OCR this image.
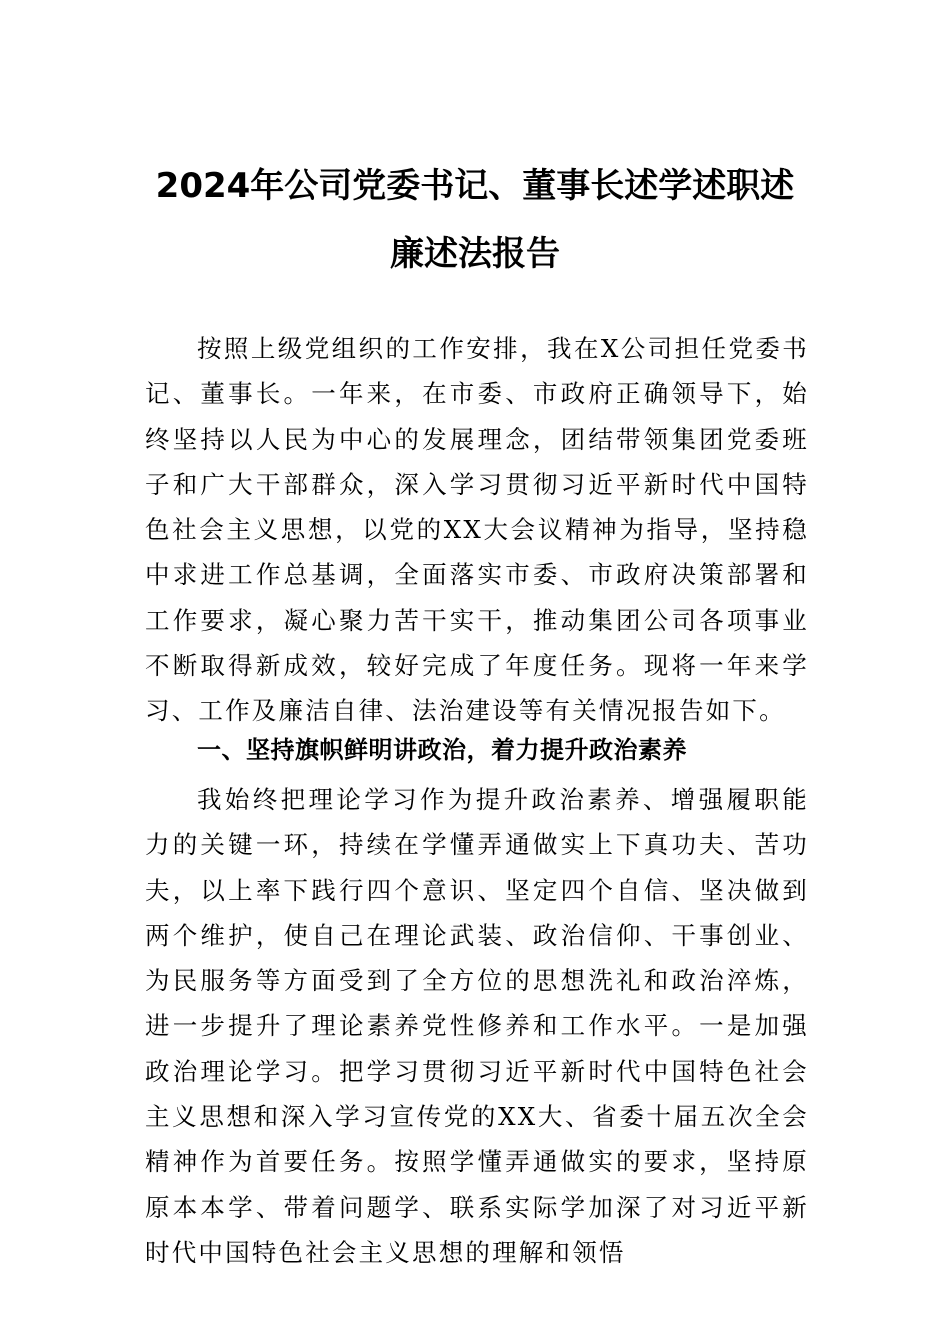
2024年公司党委书记、董事长述学述职述
廉述法报告

按照上级党组织的工作安排，我在X公司担任党委书记、董事长。一年来，在市委、市政府正确领导下，始终坚持以人民为中心的发展理念，团结带领集团党委班子和广大干部群众，深入学习贯彻习近平新时代中国特色社会主义思想，以党的XX大会议精神为指导，坚持稳中求进工作总基调，全面落实市委、市政府决策部署和工作要求，凝心聚力苦干实干，推动集团公司各项事业不断取得新成效，较好完成了年度任务。现将一年来学习、工作及廉洁自律、法治建设等有关情况报告如下。

一、坚持旗帜鲜明讲政治，着力提升政治素养

我始终把理论学习作为提升政治素养、增强履职能力的关键一环，持续在学懂弄通做实上下真功夫、苦功夫，以上率下践行四个意识、坚定四个自信、坚决做到两个维护，使自己在理论武装、政治信仰、干事创业、为民服务等方面受到了全方位的思想洗礼和政治淬炼，进一步提升了理论素养党性修养和工作水平。一是加强政治理论学习。把学习贯彻习近平新时代中国特色社会主义思想和深入学习宣传党的XX大、省委十届五次全会精神作为首要任务。按照学懂弄通做实的要求，坚持原原本本学、带着问题学、联系实际学加深了对习近平新时代中国特色社会主义思想的理解和领悟
